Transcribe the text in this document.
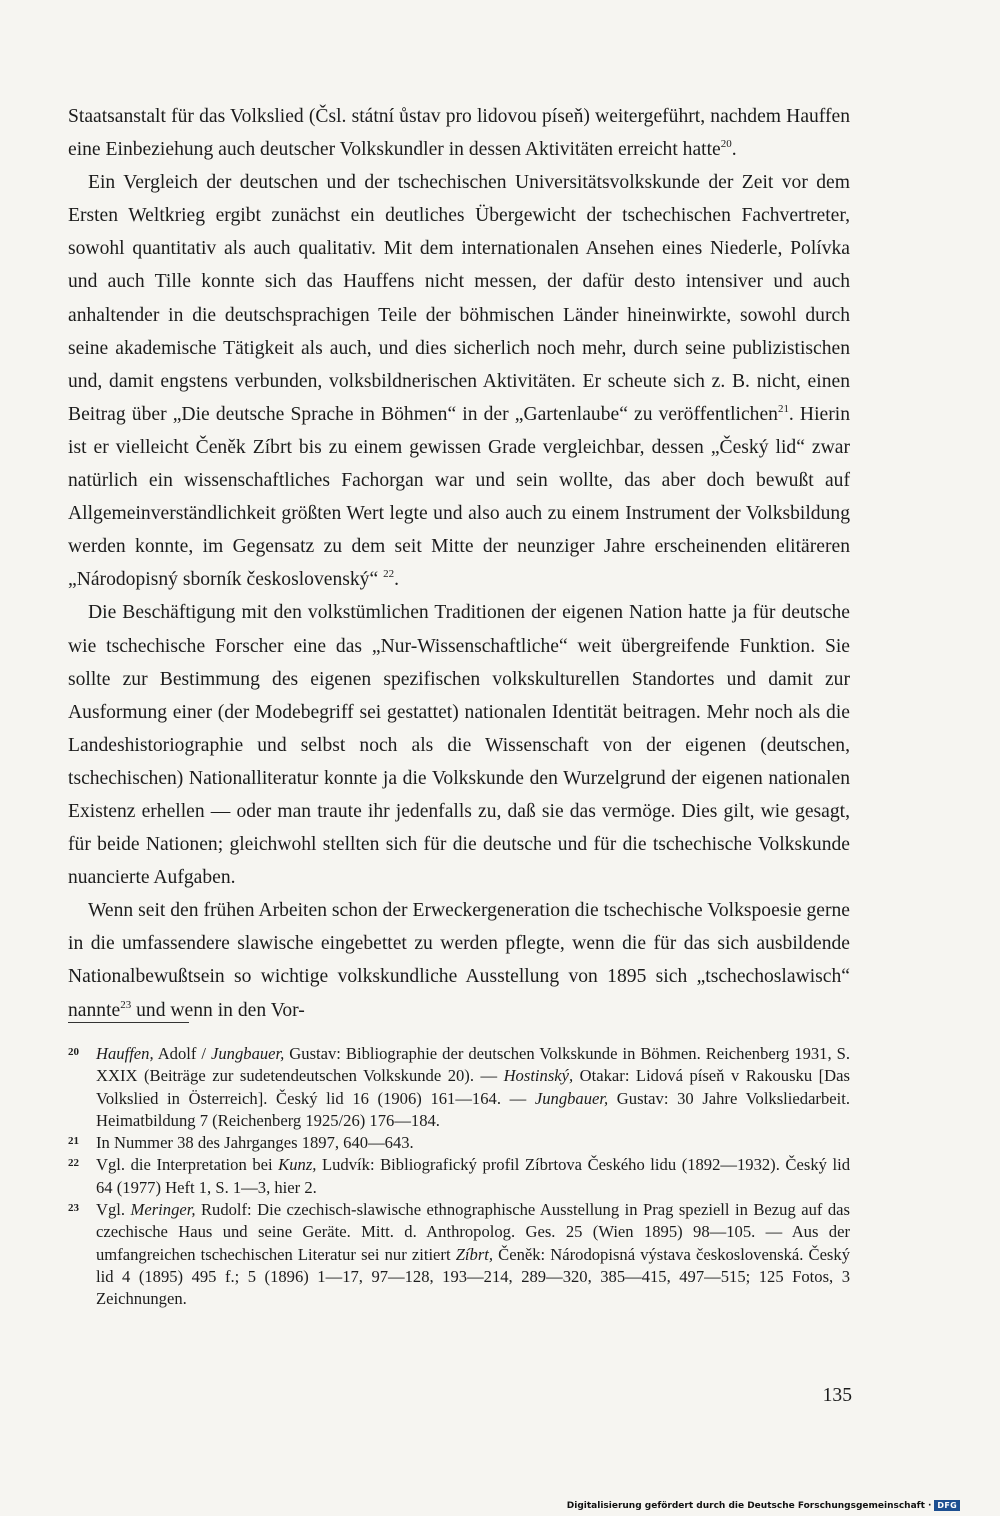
Staatsanstalt für das Volkslied (Čsl. státní ůstav pro lidovou píseň) weitergeführt, nachdem Hauffen eine Einbeziehung auch deutscher Volkskundler in dessen Aktivitäten erreicht hatte$^{20}$.

Ein Vergleich der deutschen und der tschechischen Universitätsvolkskunde der Zeit vor dem Ersten Weltkrieg ergibt zunächst ein deutliches Übergewicht der tschechischen Fachvertreter, sowohl quantitativ als auch qualitativ. Mit dem internationalen Ansehen eines Niederle, Polívka und auch Tille konnte sich das Hauffens nicht messen, der dafür desto intensiver und auch anhaltender in die deutschsprachigen Teile der böhmischen Länder hineinwirkte, sowohl durch seine akademische Tätigkeit als auch, und dies sicherlich noch mehr, durch seine publizistischen und, damit engstens verbunden, volksbildnerischen Aktivitäten. Er scheute sich z. B. nicht, einen Beitrag über „Die deutsche Sprache in Böhmen“ in der „Gartenlaube“ zu veröffentlichen$^{21}$. Hierin ist er vielleicht Čeněk Zíbrt bis zu einem gewissen Grade vergleichbar, dessen „Český lid“ zwar natürlich ein wissenschaftliches Fachorgan war und sein wollte, das aber doch bewußt auf Allgemeinverständlichkeit größten Wert legte und also auch zu einem Instrument der Volksbildung werden konnte, im Gegensatz zu dem seit Mitte der neunziger Jahre erscheinenden elitäreren „Národopisný sborník československý“ $^{22}$.

Die Beschäftigung mit den volkstümlichen Traditionen der eigenen Nation hatte ja für deutsche wie tschechische Forscher eine das „Nur-Wissenschaftliche“ weit übergreifende Funktion. Sie sollte zur Bestimmung des eigenen spezifischen volkskulturellen Standortes und damit zur Ausformung einer (der Modebegriff sei gestattet) nationalen Identität beitragen. Mehr noch als die Landeshistoriographie und selbst noch als die Wissenschaft von der eigenen (deutschen, tschechischen) Nationalliteratur konnte ja die Volkskunde den Wurzelgrund der eigenen nationalen Existenz erhellen — oder man traute ihr jedenfalls zu, daß sie das vermöge. Dies gilt, wie gesagt, für beide Nationen; gleichwohl stellten sich für die deutsche und für die tschechische Volkskunde nuancierte Aufgaben.

Wenn seit den frühen Arbeiten schon der Erweckergeneration die tschechische Volkspoesie gerne in die umfassendere slawische eingebettet zu werden pflegte, wenn die für das sich ausbildende Nationalbewußtsein so wichtige volkskundliche Ausstellung von 1895 sich „tschechoslawisch“ nannte$^{23}$ und wenn in den Vor-

20 Hauffen, Adolf / Jungbauer, Gustav: Bibliographie der deutschen Volkskunde in Böhmen. Reichenberg 1931, S. XXIX (Beiträge zur sudetendeutschen Volkskunde 20). — Hostinský, Otakar: Lidová píseň v Rakousku [Das Volkslied in Österreich]. Český lid 16 (1906) 161—164. — Jungbauer, Gustav: 30 Jahre Volksliedarbeit. Heimatbildung 7 (Reichenberg 1925/26) 176—184.

21 In Nummer 38 des Jahrganges 1897, 640—643.

22 Vgl. die Interpretation bei Kunz, Ludvík: Bibliografický profil Zíbrtova Českého lidu (1892—1932). Český lid 64 (1977) Heft 1, S. 1—3, hier 2.

23 Vgl. Meringer, Rudolf: Die czechisch-slawische ethnographische Ausstellung in Prag speziell in Bezug auf das czechische Haus und seine Geräte. Mitt. d. Anthropolog. Ges. 25 (Wien 1895) 98—105. — Aus der umfangreichen tschechischen Literatur sei nur zitiert Zíbrt, Čeněk: Národopisná výstava československá. Český lid 4 (1895) 495 f.; 5 (1896) 1—17, 97—128, 193—214, 289—320, 385—415, 497—515; 125 Fotos, 3 Zeichnungen.

135
Digitalisierung gefördert durch die Deutsche Forschungsgemeinschaft · DFG
